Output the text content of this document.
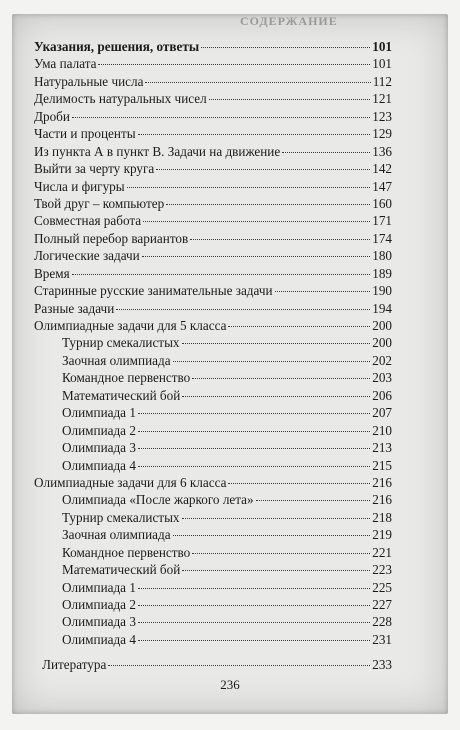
СОДЕРЖАНИЕ
Указания, решения, ответы	101
Ума палата	101
Натуральные числа	112
Делимость натуральных чисел	121
Дроби	123
Части и проценты	129
Из пункта А в пункт В. Задачи на движение	136
Выйти за черту круга	142
Числа и фигуры	147
Твой друг – компьютер	160
Совместная работа	171
Полный перебор вариантов	174
Логические задачи	180
Время	189
Старинные русские занимательные задачи	190
Разные задачи	194
Олимпиадные задачи для 5 класса	200
Турнир смекалистых	200
Заочная олимпиада	202
Командное первенство	203
Математический бой	206
Олимпиада 1	207
Олимпиада 2	210
Олимпиада 3	213
Олимпиада 4	215
Олимпиадные задачи для 6 класса	216
Олимпиада «После жаркого лета»	216
Турнир смекалистых	218
Заочная олимпиада	219
Командное первенство	221
Математический бой	223
Олимпиада 1	225
Олимпиада 2	227
Олимпиада 3	228
Олимпиада 4	231
Литература	233
236
